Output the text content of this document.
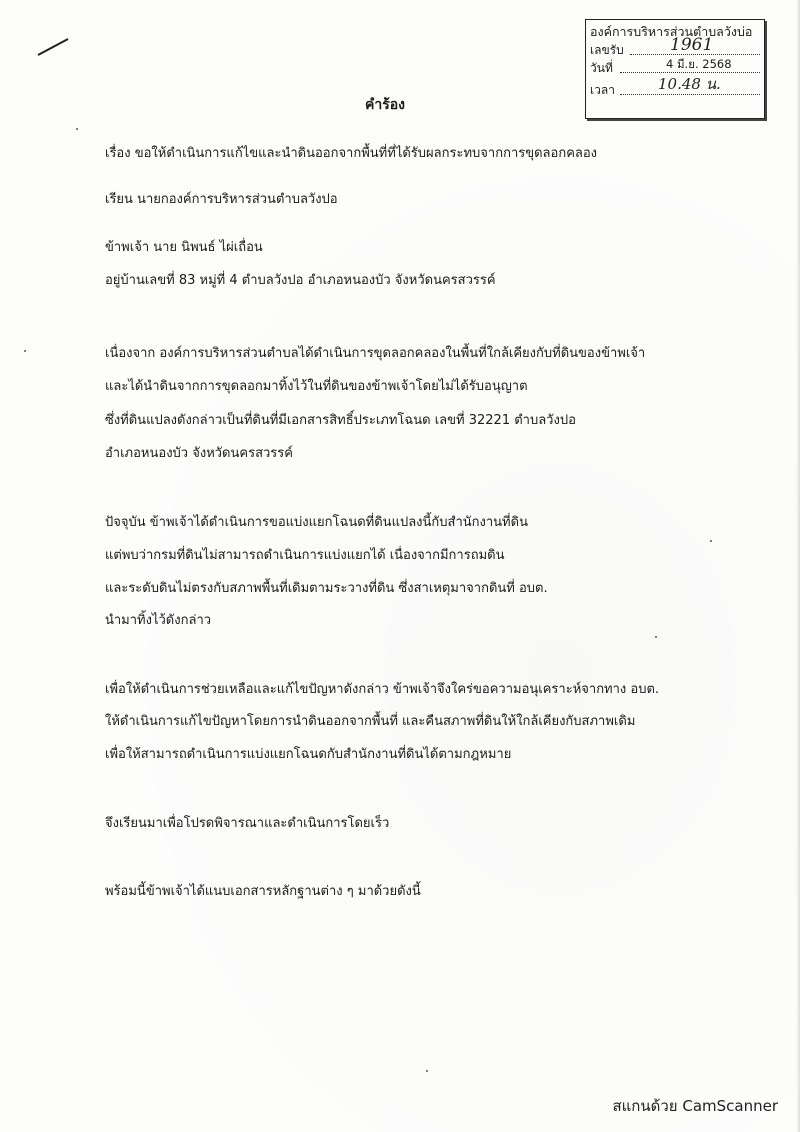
องค์การบริหารส่วนตำบลวังบ่อ
เลขรับ	1961
วันที่	4 มี.ย. 2568
เวลา	10.48 น.
คำร้อง
เรื่อง ขอให้ดำเนินการแก้ไขและนำดินออกจากพื้นที่ที่ได้รับผลกระทบจากการขุดลอกคลอง
เรียน นายกองค์การบริหารส่วนตำบลวังปอ
ข้าพเจ้า นาย นิพนธ์ ไผ่เถื่อน
อยู่บ้านเลขที่ 83 หมู่ที่ 4 ตำบลวังปอ อำเภอหนองบัว จังหวัดนครสวรรค์
เนื่องจาก องค์การบริหารส่วนตำบลได้ดำเนินการขุดลอกคลองในพื้นที่ใกล้เคียงกับที่ดินของข้าพเจ้า
และได้นำดินจากการขุดลอกมาทิ้งไว้ในที่ดินของข้าพเจ้าโดยไม่ได้รับอนุญาต
ซึ่งที่ดินแปลงดังกล่าวเป็นที่ดินที่มีเอกสารสิทธิ์ประเภทโฉนด เลขที่ 32221 ตำบลวังปอ
อำเภอหนองบัว จังหวัดนครสวรรค์
ปัจจุบัน ข้าพเจ้าได้ดำเนินการขอแบ่งแยกโฉนดที่ดินแปลงนี้กับสำนักงานที่ดิน
แต่พบว่ากรมที่ดินไม่สามารถดำเนินการแบ่งแยกได้ เนื่องจากมีการถมดิน
และระดับดินไม่ตรงกับสภาพพื้นที่เดิมตามระวางที่ดิน ซึ่งสาเหตุมาจากดินที่ อบต.
นำมาทิ้งไว้ดังกล่าว
เพื่อให้ดำเนินการช่วยเหลือและแก้ไขปัญหาดังกล่าว ข้าพเจ้าจึงใคร่ขอความอนุเคราะห์จากทาง อบต.
ให้ดำเนินการแก้ไขปัญหาโดยการนำดินออกจากพื้นที่ และคืนสภาพที่ดินให้ใกล้เคียงกับสภาพเดิม
เพื่อให้สามารถดำเนินการแบ่งแยกโฉนดกับสำนักงานที่ดินได้ตามกฎหมาย
จึงเรียนมาเพื่อโปรดพิจารณาและดำเนินการโดยเร็ว
พร้อมนี้ข้าพเจ้าได้แนบเอกสารหลักฐานต่าง ๆ มาด้วยดังนี้
สแกนด้วย CamScanner
